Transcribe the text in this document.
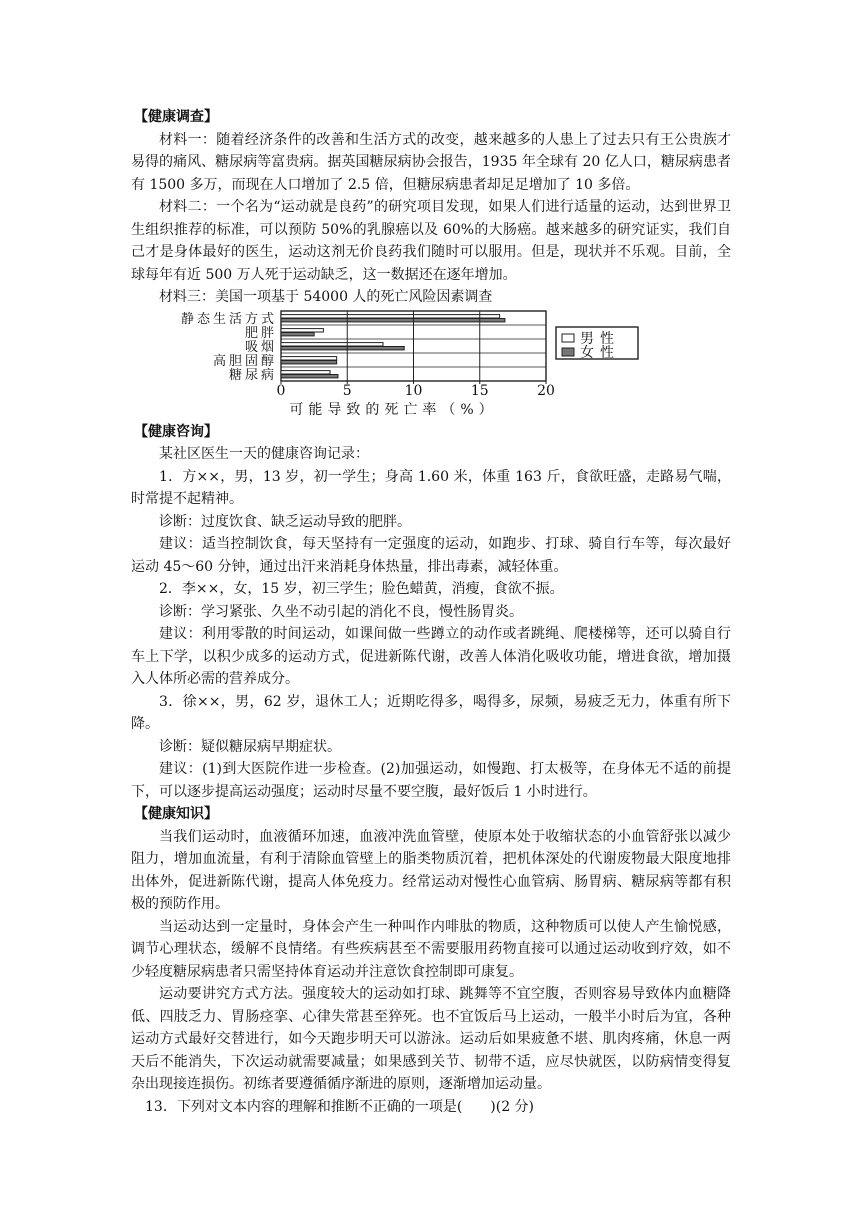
【健康调查】

材料一：随着经济条件的改善和生活方式的改变，越来越多的人患上了过去只有王公贵族才易得的痛风、糖尿病等富贵病。据英国糖尿病协会报告，1935 年全球有 20 亿人口，糖尿病患者有 1500 多万，而现在人口增加了 2.5 倍，但糖尿病患者却足足增加了 10 多倍。

材料二：一个名为“运动就是良药”的研究项目发现，如果人们进行适量的运动，达到世界卫生组织推荐的标准，可以预防 50%的乳腺癌以及 60%的大肠癌。越来越多的研究证实，我们自己才是身体最好的医生，运动这剂无价良药我们随时可以服用。但是，现状并不乐观。目前，全球每年有近 500 万人死于运动缺乏，这一数据还在逐年增加。

材料三：美国一项基于 54000 人的死亡风险因素调查

静态生活方式
肥胖
吸烟
高胆固醇
糖尿病
0	5	10	15	20
可能导致的死亡率（%）
男性
女性
【健康咨询】

某社区医生一天的健康咨询记录：

1．方××，男，13 岁，初一学生；身高 1.60 米，体重 163 斤，食欲旺盛，走路易气喘，时常提不起精神。

诊断：过度饮食、缺乏运动导致的肥胖。

建议：适当控制饮食，每天坚持有一定强度的运动，如跑步、打球、骑自行车等，每次最好运动 45～60 分钟，通过出汗来消耗身体热量，排出毒素，减轻体重。

2．李××，女，15 岁，初三学生；脸色蜡黄，消瘦，食欲不振。

诊断：学习紧张、久坐不动引起的消化不良，慢性肠胃炎。

建议：利用零散的时间运动，如课间做一些蹲立的动作或者跳绳、爬楼梯等，还可以骑自行车上下学，以积少成多的运动方式，促进新陈代谢，改善人体消化吸收功能，增进食欲，增加摄入人体所必需的营养成分。

3．徐××，男，62 岁，退休工人；近期吃得多，喝得多，尿频，易疲乏无力，体重有所下降。

诊断：疑似糖尿病早期症状。

建议：(1)到大医院作进一步检查。(2)加强运动，如慢跑、打太极等，在身体无不适的前提下，可以逐步提高运动强度；运动时尽量不要空腹，最好饭后 1 小时进行。

【健康知识】

当我们运动时，血液循环加速，血液冲洗血管壁，使原本处于收缩状态的小血管舒张以减少阻力，增加血流量，有利于清除血管壁上的脂类物质沉着，把机体深处的代谢废物最大限度地排出体外，促进新陈代谢，提高人体免疫力。经常运动对慢性心血管病、肠胃病、糖尿病等都有积极的预防作用。

当运动达到一定量时，身体会产生一种叫作内啡肽的物质，这种物质可以使人产生愉悦感，调节心理状态，缓解不良情绪。有些疾病甚至不需要服用药物直接可以通过运动收到疗效，如不少轻度糖尿病患者只需坚持体育运动并注意饮食控制即可康复。

运动要讲究方式方法。强度较大的运动如打球、跳舞等不宜空腹，否则容易导致体内血糖降低、四肢乏力、胃肠痉挛、心律失常甚至猝死。也不宜饭后马上运动，一般半小时后为宜，各种运动方式最好交替进行，如今天跑步明天可以游泳。运动后如果疲惫不堪、肌肉疼痛，休息一两天后不能消失，下次运动就需要减量；如果感到关节、韧带不适，应尽快就医，以防病情变得复杂出现接连损伤。初练者要遵循循序渐进的原则，逐渐增加运动量。

13．下列对文本内容的理解和推断不正确的一项是(　　)(2 分)
